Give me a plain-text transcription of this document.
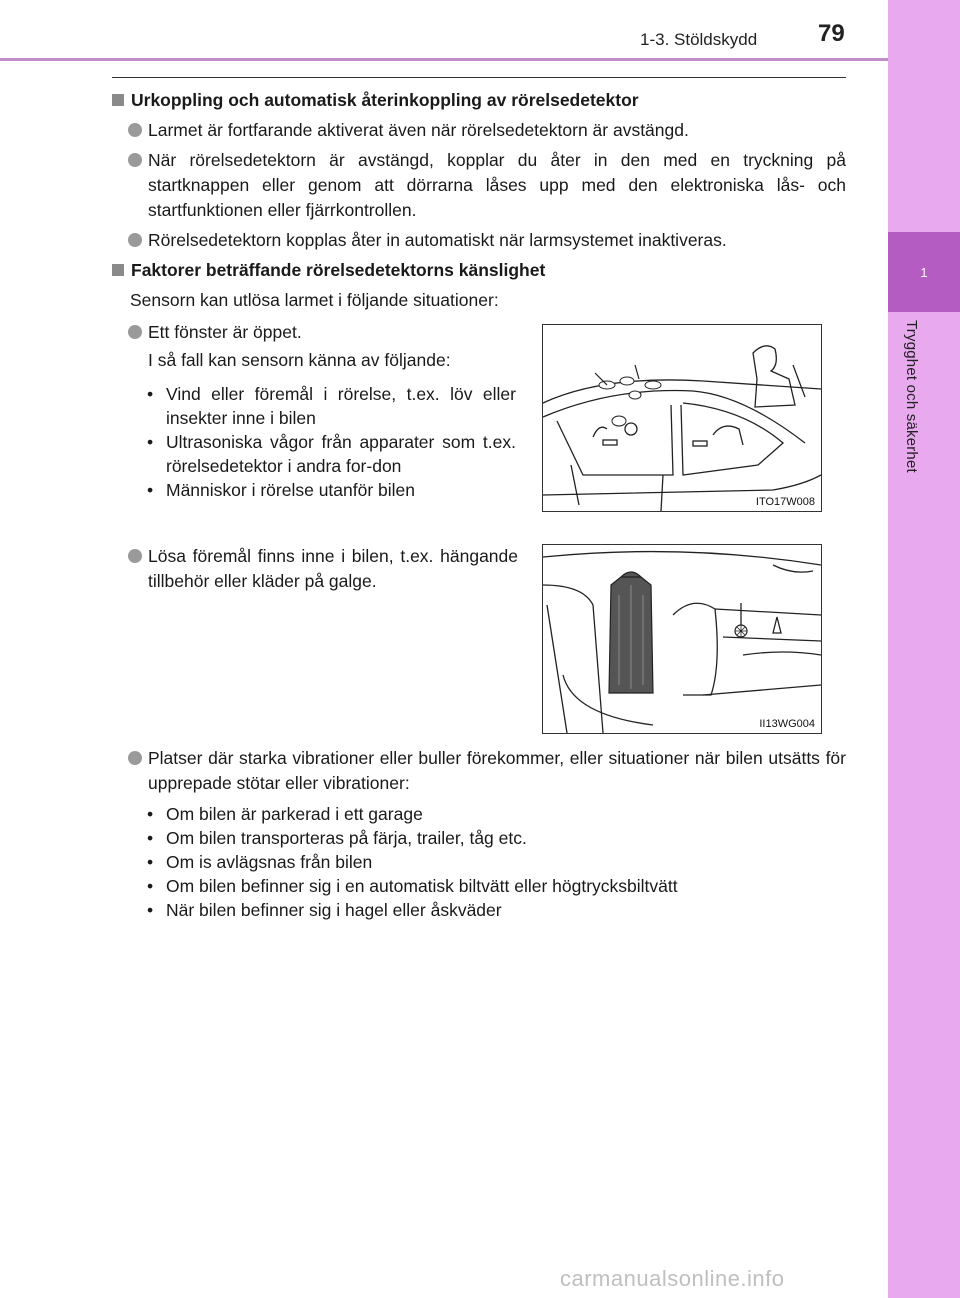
1
Trygghet och säkerhet
1-3. Stöldskydd	79
Urkoppling och automatisk återinkoppling av rörelsedetektor
Larmet är fortfarande aktiverat även när rörelsedetektorn är avstängd.
När rörelsedetektorn är avstängd, kopplar du åter in den med en tryckning på startknappen eller genom att dörrarna låses upp med den elektroniska lås- och startfunktionen eller fjärrkontrollen.
Rörelsedetektorn kopplas åter in automatiskt när larmsystemet inaktiveras.
Faktorer beträffande rörelsedetektorns känslighet
Sensorn kan utlösa larmet i följande situationer:
Ett fönster är öppet.
I så fall kan sensorn känna av följande:
• Vind eller föremål i rörelse, t.ex. löv eller insekter inne i bilen
• Ultrasoniska vågor från apparater som t.ex. rörelsedetektor i andra for-don
• Människor i rörelse utanför bilen
ITO17W008
Lösa föremål finns inne i bilen, t.ex. hängande tillbehör eller kläder på galge.
II13WG004
Platser där starka vibrationer eller buller förekommer, eller situationer när bilen utsätts för upprepade stötar eller vibrationer:
• Om bilen är parkerad i ett garage
• Om bilen transporteras på färja, trailer, tåg etc.
• Om is avlägsnas från bilen
• Om bilen befinner sig i en automatisk biltvätt eller högtrycksbiltvätt
• När bilen befinner sig i hagel eller åskväder
carmanualsonline.info
